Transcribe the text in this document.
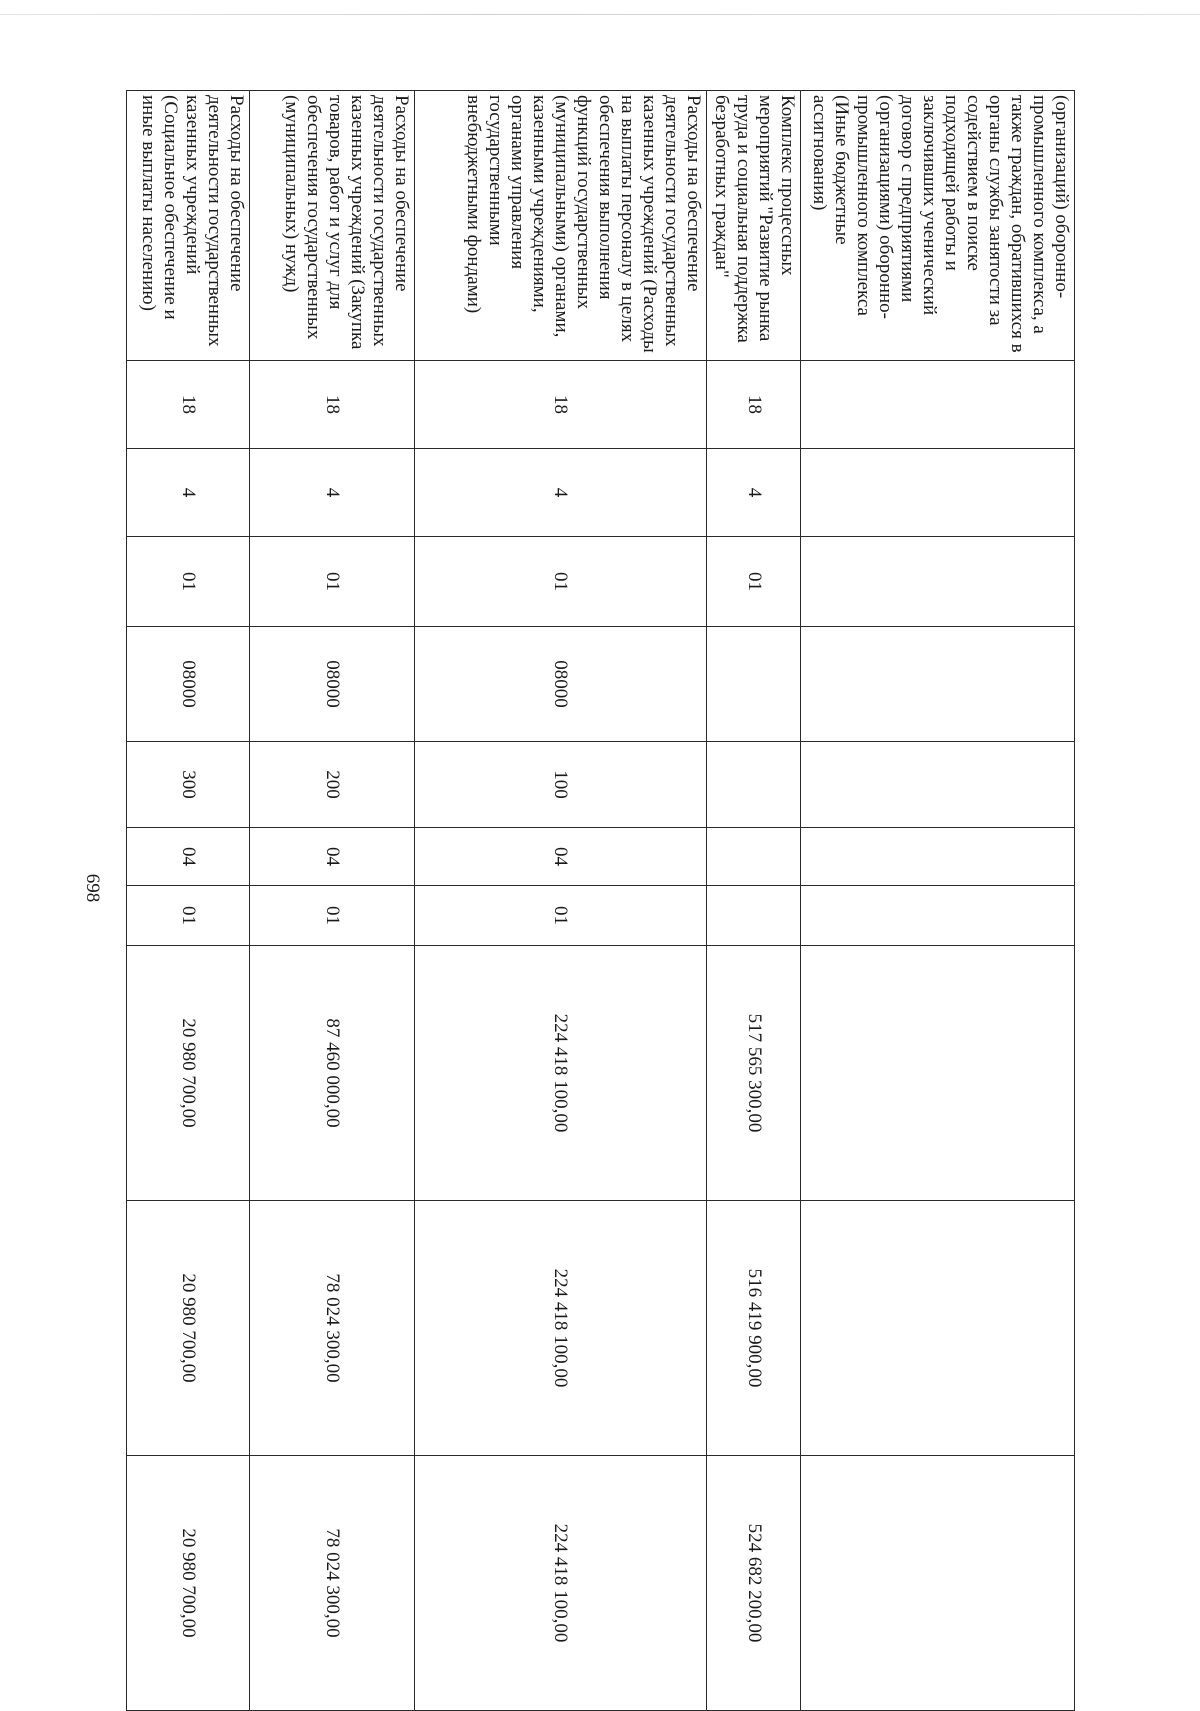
698
(организаций) оборонно-промышленного комплекса, а также граждан, обратившихся в органы службы занятости за содействием в поиске подходящей работы и заключивших ученический договор с предприятиями (организациями) оборонно-промышленного комплекса (Иные бюджетные ассигнования)										
Комплекс процессных мероприятий "Развитие рынка труда и социальная поддержка безработных граждан"	18	4	01					517 565 300,00	516 419 900,00	524 682 200,00
Расходы на обеспечение деятельности государственных казенных учреждений (Расходы на выплаты персоналу в целях обеспечения выполнения функций государственных (муниципальными) органами, казенными учреждениями, органами управления государственными внебюджетными фондами)	18	4	01	08000	100	04	01	224 418 100,00	224 418 100,00	224 418 100,00
Расходы на обеспечение деятельности государственных казенных учреждений (Закупка товаров, работ и услуг для обеспечения государственных (муниципальных) нужд)	18	4	01	08000	200	04	01	87 460 000,00	78 024 300,00	78 024 300,00
Расходы на обеспечение деятельности государственных казенных учреждений (Социальное обеспечение и иные выплаты населению)	18	4	01	08000	300	04	01	20 980 700,00	20 980 700,00	20 980 700,00
